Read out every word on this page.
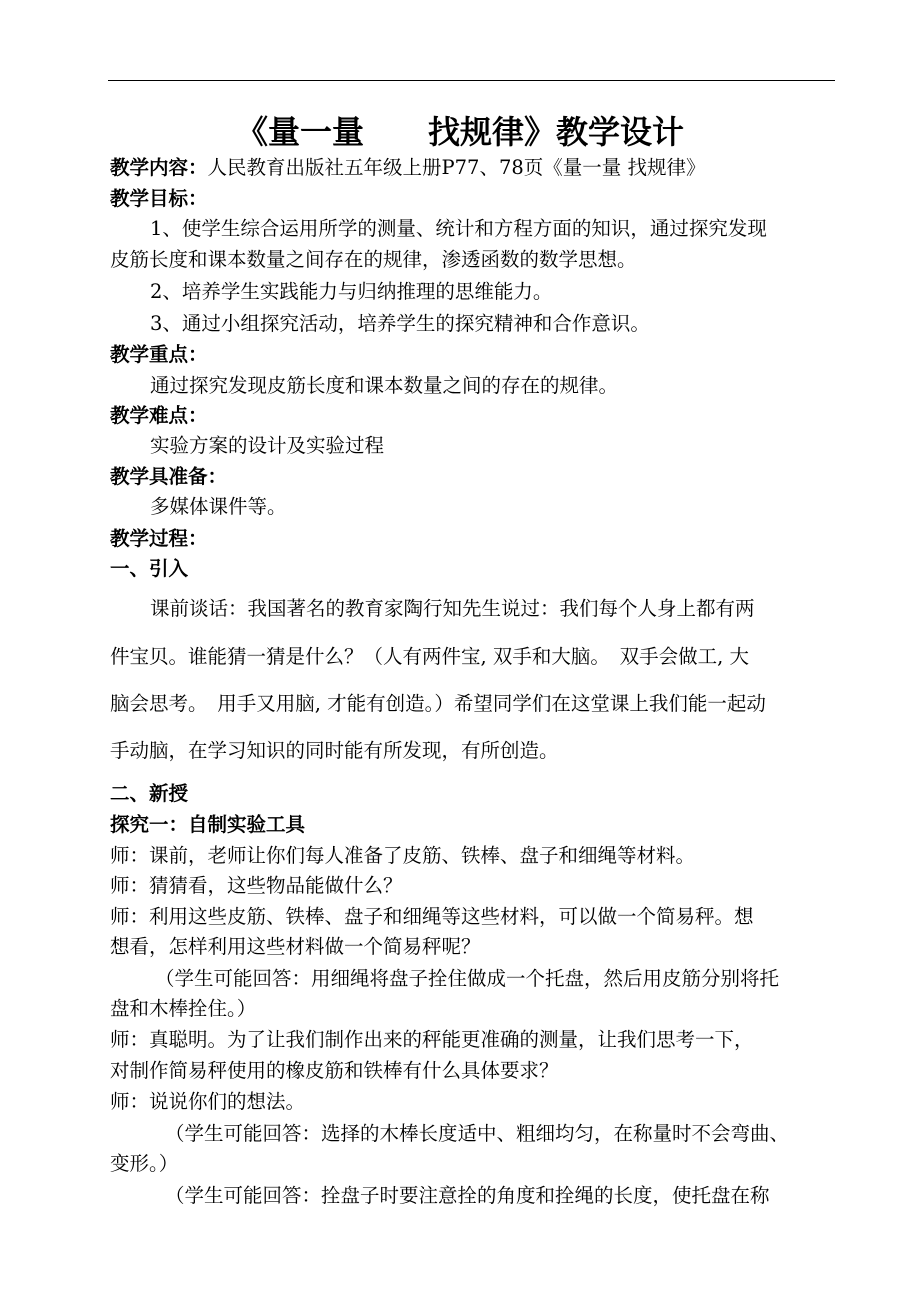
《量一量　　找规律》教学设计
教学内容：人民教育出版社五年级上册P77、78页《量一量 找规律》
教学目标：
1、使学生综合运用所学的测量、统计和方程方面的知识，通过探究发现
皮筋长度和课本数量之间存在的规律，渗透函数的数学思想。
2、培养学生实践能力与归纳推理的思维能力。
3、通过小组探究活动，培养学生的探究精神和合作意识。
教学重点：
通过探究发现皮筋长度和课本数量之间的存在的规律。
教学难点：
实验方案的设计及实验过程
教学具准备：
多媒体课件等。
教学过程：
一、引入
课前谈话：我国著名的教育家陶行知先生说过：我们每个人身上都有两
件宝贝。谁能猜一猜是什么？（人有两件宝, 双手和大脑。　双手会做工, 大
脑会思考。　用手又用脑, 才能有创造。）希望同学们在这堂课上我们能一起动
手动脑，在学习知识的同时能有所发现，有所创造。
二、新授
探究一：自制实验工具
师：课前，老师让你们每人准备了皮筋、铁棒、盘子和细绳等材料。
师：猜猜看，这些物品能做什么？
师：利用这些皮筋、铁棒、盘子和细绳等这些材料，可以做一个简易秤。想
想看，怎样利用这些材料做一个简易秤呢？
（学生可能回答：用细绳将盘子拴住做成一个托盘，然后用皮筋分别将托
盘和木棒拴住。）
师：真聪明。为了让我们制作出来的秤能更准确的测量，让我们思考一下，
对制作简易秤使用的橡皮筋和铁棒有什么具体要求？
师：说说你们的想法。
（学生可能回答：选择的木棒长度适中、粗细均匀，在称量时不会弯曲、
变形。）
（学生可能回答：拴盘子时要注意拴的角度和拴绳的长度，使托盘在称
